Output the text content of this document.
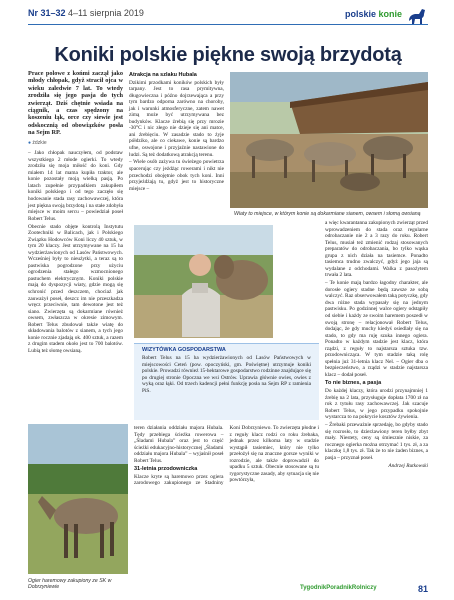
Nr 31–32 4–11 sierpnia 2019	polskie konie
Koniki polskie piękne swoją brzydotą

Prace polowe z końmi zaczął jako młody chłopak, gdyż stracił ojca w wieku zaledwie 7 lat. To wtedy zrodziła się jego pasja do tych zwierząt. Dziś chętnie wsiada na ciągnik, a czas spędzony na koszeniu łąk, orce czy siewie jest odskocznią od obowiązków posła na Sejm RP.

● źdzkie

– Jako chłopak nauczyłem, od podstaw wszystkiego 2 młode ogierki. To wtedy zrodziła się moja miłość do koni. Gdy miałem 14 lat mama kupiła traktor, ale konie pozostały moją wielką pasją. Po latach zupełnie przypadkiem zakupiłem koniki polskiego i od tego zaczęło się hodowanie stada rasy zachowawczej, która jest piękna swoją brzydotą i na stałe zdobyła miejsce w moim sercu – powiedział poseł Robert Telus.

Obecnie stado objęte kontrolą Instytutu Zootechniki w Balicach, jak i Polskiego Związku Hodowców Koni liczy 40 sztuk, w tym 20 klaczy. Jest utrzymywane na 15 ha wydzierżawionych od Lasów Państwowych. Wcześniej były to nieużytki, a teraz są to pastwiska pogrodzone przy użyciu ogrodzenia stałego wzmocnionego pastuchem elektrycznym. Koniki polskie mają do dyspozycji wiaty, gdzie mogą się schronić przed deszczem, chociaż jak zauważył poseł, deszcz im nie przeszkadza wręcz przeciwnie, tam dewotone jest też siano. Zwierzęta są dokarmiane również owsem, zwłaszcza w okresie zimowym. Robert Telus zbudował także wiatę do składowania balotów z sianem, a tych jego konie rocznie zjadają ok. 400 sztuk, a razem z drugim stadem około jest to 700 balotów. Lubią też słomę owsianą.

Atrakcja na szlaku Hubala

Dzikimi przodkami koników polskich były tarpany. Jest to rasa prymitywna, długowieczna i późno dojrzewająca a przy tym bardzo odporna zarówno na choroby, jak i warunki atmosferyczne, zatem nawet zimą może być utrzymywana bez budynków. Klacze źrebią się przy mrozie -30°C i nic złego nie dzieje się ani matce, ani źrebięciu. W zasadzie stado to żyje półdziko, ale co ciekawe, konie są bardzo ufne, oswojone i przyjaźnie nastawione do ludzi. Są też dodatkową atrakcją terenu.

– Wiele osób zażywa tu świeżego powietrza spacerując czy jeżdżąc rowerami i nikt nie przechodzi obojętnie obok tych koni. Inni przyjeżdżają tu, gdyż jest to historyczne miejsce –

Wiaty to miejsce, w którym konie są dokarmiane sianem, owsem i słomą owsianą

a więc kwarantanna zakupionych zwierząt przed wprowadzeniem do stada oraz regularne odrobaczanie nie 2 a 3 razy do roku. Robert Telus, musiał też zmienić rodzaj stosowanych preparatów do odrobaczania, bo tylko wąska grupa z nich działa na tasiemce. Ponadto tasiemca trudno zwalczyć, gdyż jego jaja są wydalane z odchodami. Walka z pasożytem trwała 2 lata.

– Te konie mają bardzo łagodny charakter, ale dorosłe ogiery stadne będą zawsze ze sobą walczyć. Raz obserwowałem taką potyczkę, gdy dwa różne stada wypasały się na jednym pastwisku. Po godzinnej walce ogiery odstąpiły od siebie i każdy ze swoim haremem poszedł w swoją stronę – relacjonował Robert Telus, dodając, że gdy muchy kiedyś osiedlały się na stado, to gdy ma ruję szuka innego ogiera. Ponadto w każdym stadzie jest klacz, która rządzi, z reguły to najstarsza sztuka tzw. przodownicząca. W tym stadzie taką rolę spełnia już 31-letnia klacz Nel. – Ogier dba o bezpieczeństwo, a rządzi w stadzie najstarsza klacz – dodał poseł.

To nie biznes, a pasja

Do każdej klaczy, która urodzi przynajmniej 1 źrebię na 2 lata, przysługuje dopłata 1700 zł na rok z tytułu rasy zachowawczej. Jak szacuje Robert Telus, w jego przypadku spokojnie wystarcza to na pokrycie kosztów żywienia.

– Źrebaki przeważnie sprzedaję, bo gdyby stado się rozrosło, to dzierżawiony teren byłby zbyt mały. Niestety, ceny są śmiesznie niskie, za rocznego ogierka można otrzymać 1 tys. zł, a za klaczkę 1,8 tys. zł. Tak że to nie żaden biznes, a pasja – przyznał poseł.

Andrzej Rutkowski

WIZYTÓWKA GOSPODARSTWA
Robert Telus na 15 ha wydzierżawionych od Lasów Państwowych w miejscowości Ceteń (pow. opoczyński, gm. Poświętne) utrzymuje koniki polskie. Prowadzi również 15-hektarowe gospodarstwo rodzinne znajdujące się po drugiej stronie Opoczna we wsi Ostrów. Uprawia głównie owies, owies z wyką oraz łąki. Od trzech kadencji pełni funkcję posła na Sejm RP z ramienia PiS.
Ogier haremowy zakupiony ze SK w Dobrzyniewie

teren działania oddziału majora Hubala. Tędy przebiega ścieżka rowerowa – „Śladami Hubala” oraz jest to część ścieżki edukacyjno-historycznej „Śladami oddziału majora Hubala” – wyjaśnił poseł Robert Telus.

31-letnia przodowniczka

Klacze kryte są haremowo przez ogiera zarodowego zakupionego ze Stadniny Koni Dobrzyniewo. To zwierzęta płodne i z reguły klacz rodzi co roku źrebaka, jednak przez kilkoma laty w stadzie wystąpił tasiemiec, który nie tylko przełożył się na znaczne gorsze wyniki w rozrodzie, ale także doprowadził do upadku 5 sztuk. Obecnie stosowane są tu rygorystyczne zasady, aby sytuacja się nie powtórzyła,

TygodnikPoradnikRolniczy	81
